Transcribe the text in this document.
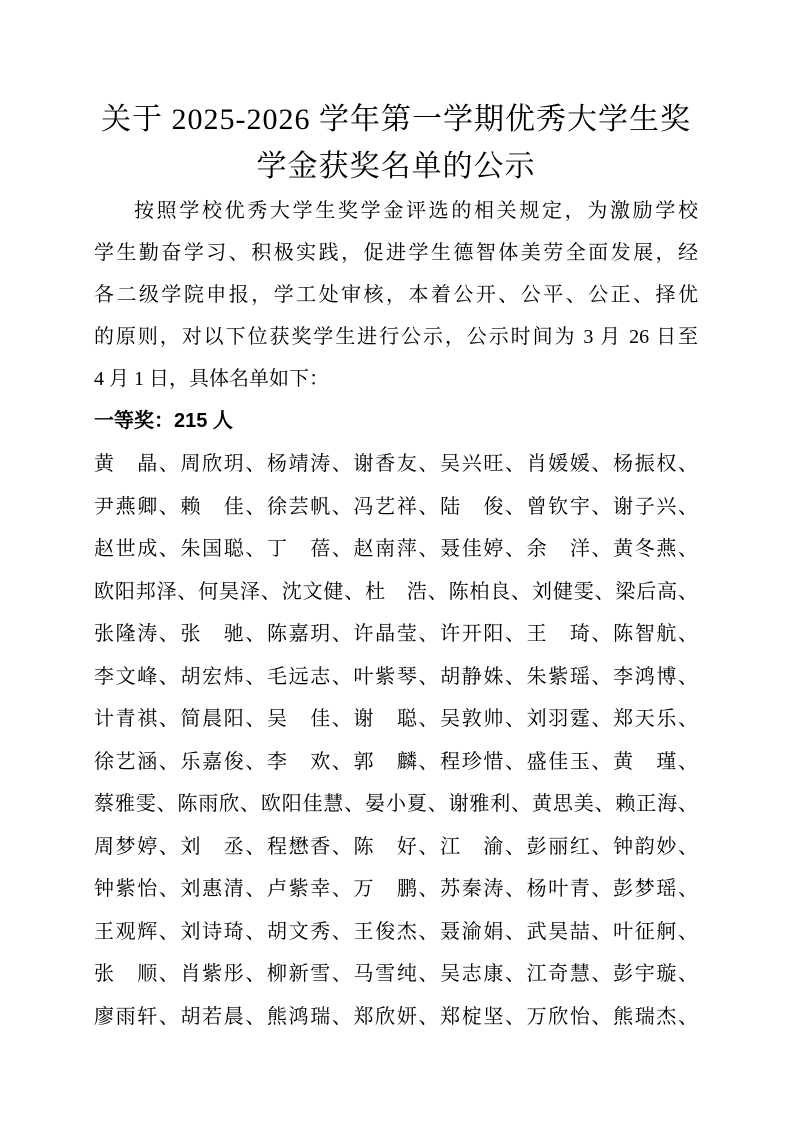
关于 2025-2026 学年第一学期优秀大学生奖
学金获奖名单的公示
按照学校优秀大学生奖学金评选的相关规定，为激励学校
学生勤奋学习、积极实践，促进学生德智体美劳全面发展，经
各二级学院申报，学工处审核，本着公开、公平、公正、择优
的原则，对以下位获奖学生进行公示，公示时间为 3 月 26 日至
4 月 1 日，具体名单如下：
一等奖：215 人
黄　晶、周欣玥、杨靖涛、谢香友、吴兴旺、肖媛媛、杨振权、
尹燕卿、赖　佳、徐芸帆、冯艺祥、陆　俊、曾钦宇、谢子兴、
赵世成、朱国聪、丁　蓓、赵南萍、聂佳婷、余　洋、黄冬燕、
欧阳邦泽、何昊泽、沈文健、杜　浩、陈柏良、刘健雯、梁后高、
张隆涛、张　驰、陈嘉玥、许晶莹、许开阳、王　琦、陈智航、
李文峰、胡宏炜、毛远志、叶紫琴、胡静姝、朱紫瑶、李鸿博、
计青祺、简晨阳、吴　佳、谢　聪、吴敦帅、刘羽霆、郑天乐、
徐艺涵、乐嘉俊、李　欢、郭　麟、程珍惜、盛佳玉、黄　瑾、
蔡雅雯、陈雨欣、欧阳佳慧、晏小夏、谢雅利、黄思美、赖正海、
周梦婷、刘　丞、程懋香、陈　好、江　渝、彭丽红、钟韵妙、
钟紫怡、刘惠清、卢紫幸、万　鹏、苏秦涛、杨叶青、彭梦瑶、
王观辉、刘诗琦、胡文秀、王俊杰、聂渝娟、武昊喆、叶征舸、
张　顺、肖紫彤、柳新雪、马雪纯、吴志康、江奇慧、彭宇璇、
廖雨轩、胡若晨、熊鸿瑞、郑欣妍、郑椗坚、万欣怡、熊瑞杰、
